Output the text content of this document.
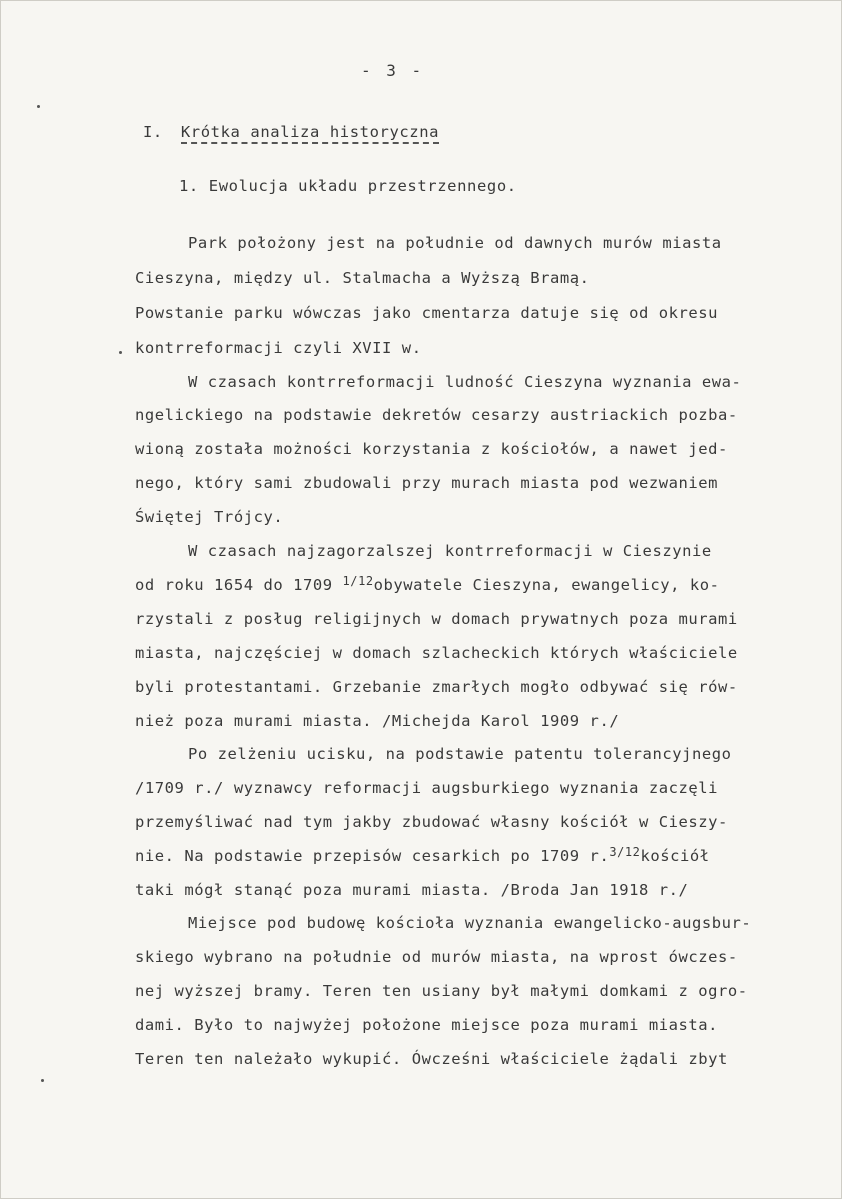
- 3 -
I. Krótka analiza historyczna
1. Ewolucja układu przestrzennego.
Park położony jest na południe od dawnych murów miasta
Cieszyna, między ul. Stalmacha a Wyższą Bramą.
Powstanie parku wówczas jako cmentarza datuje się od okresu
kontrreformacji czyli XVII w.
W czasach kontrreformacji ludność Cieszyna wyznania ewa-
ngelickiego na podstawie dekretów cesarzy austriackich pozba-
wioną została możności korzystania z kościołów, a nawet jed-
nego, który sami zbudowali przy murach miasta pod wezwaniem
Świętej Trójcy.
W czasach najzagorzalszej kontrreformacji w Cieszynie
od roku 1654 do 1709 $^{1/12}$obywatele Cieszyna, ewangelicy, ko-
rzystali z posług religijnych w domach prywatnych poza murami
miasta, najczęściej w domach szlacheckich których właściciele
byli protestantami. Grzebanie zmarłych mogło odbywać się rów-
nież poza murami miasta. /Michejda Karol 1909 r./
Po zelżeniu ucisku, na podstawie patentu tolerancyjnego
/1709 r./ wyznawcy reformacji augsburkiego wyznania zaczęli
przemyśliwać nad tym jakby zbudować własny kościół w Cieszy-
nie. Na podstawie przepisów cesarkich po 1709 r.$^{3/12}$kościół
taki mógł stanąć poza murami miasta. /Broda Jan 1918 r./
Miejsce pod budowę kościoła wyznania ewangelicko-augsbur-
skiego wybrano na południe od murów miasta, na wprost ówczes-
nej wyższej bramy. Teren ten usiany był małymi domkami z ogro-
dami. Było to najwyżej położone miejsce poza murami miasta.
Teren ten należało wykupić. Ówcześni właściciele żądali zbyt
